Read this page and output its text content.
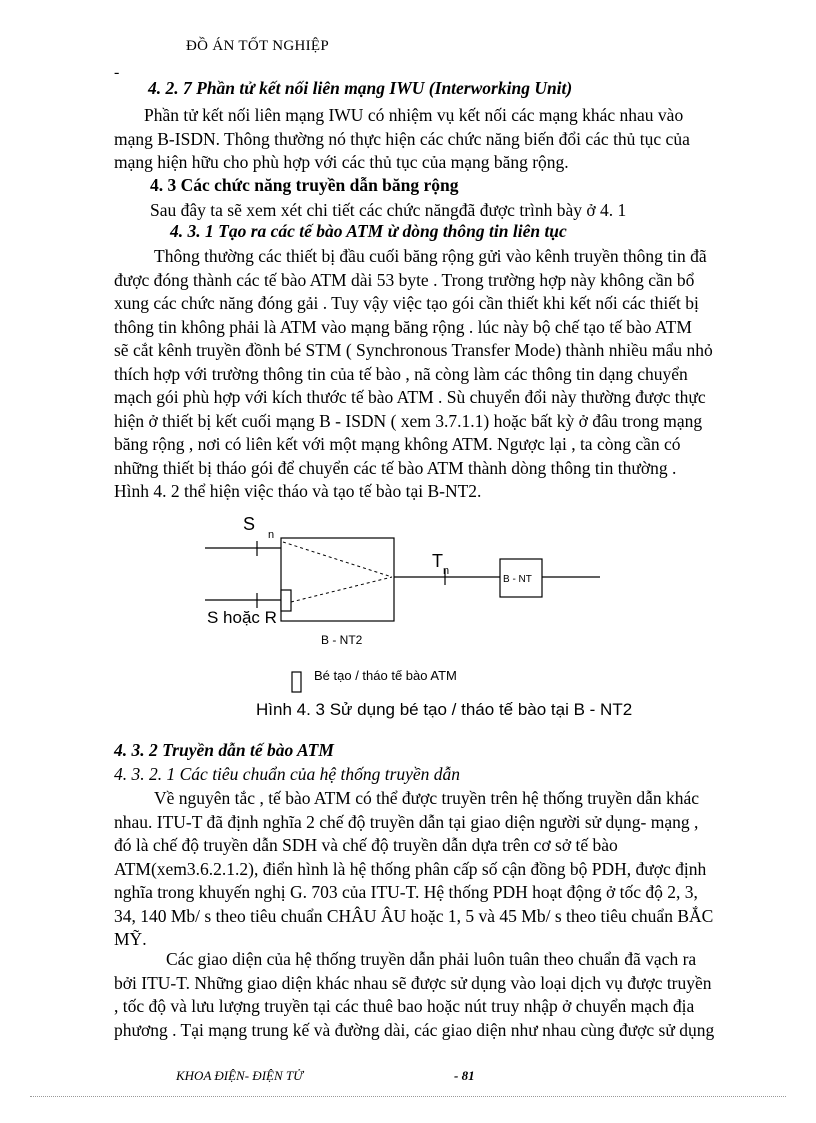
ĐỒ ÁN TỐT NGHIỆP
-
4. 2. 7 Phần tử kết nối liên mạng IWU (Interworking Unit)
Phần tử kết nối liên mạng IWU có nhiệm vụ kết nối các mạng khác nhau vào
mạng B-ISDN. Thông thường nó thực hiện các chức năng biến đổi các thủ tục của
mạng hiện hữu cho phù hợp với các thủ tục của mạng băng rộng.
4. 3 Các chức năng truyền dẫn băng rộng
Sau đây ta sẽ xem xét chi tiết các chức năngđã được trình bày ở 4. 1
4. 3. 1 Tạo ra các tế bào ATM ừ dòng thông tin liên tục
Thông thường các thiết bị đầu cuối băng rộng gửi vào kênh truyền thông tin đã
được đóng thành các tế bào ATM dài 53 byte . Trong trường hợp này không cần bổ
xung các chức năng đóng gải . Tuy vậy việc tạo gói cần thiết khi kết nối các thiết bị
thông tin không phải là ATM vào mạng băng rộng . lúc này bộ chế tạo tế bào ATM
sẽ cắt kênh truyền đồnh bé STM ( Synchronous Transfer Mode) thành nhiều mẩu nhỏ
thích hợp với trường thông tin của tế bào , nã còng làm các thông tin dạng chuyển
mạch gói phù hợp với kích thước tế bào ATM . Sù chuyển đổi này thường được thực
hiện ở thiết bị kết cuối mạng B - ISDN ( xem 3.7.1.1) hoặc bất kỳ ở đâu trong mạng
băng rộng , nơi có liên kết với một mạng không ATM. Ngược lại , ta còng cần có
những thiết bị tháo gói để chuyển các tế bào ATM thành dòng thông tin thường .
Hình 4. 2 thể hiện việc tháo và tạo tế bào tại B-NT2.
S
n
T n
B - NT
S hoặc R
B - NT2
Bé tạo / tháo tế bào ATM
Hình 4. 3 Sử dụng bé tạo / tháo tế bào tại B - NT2
4. 3. 2 Truyền dẫn tế bào ATM
4. 3. 2. 1 Các tiêu chuẩn của hệ thống truyền dẫn
Về nguyên tắc , tế bào ATM có thể được truyền trên hệ thống truyền dẫn khác
nhau. ITU-T đã định nghĩa 2 chế độ truyền dẫn tại giao diện người sử dụng- mạng ,
đó là chế độ truyền dẫn SDH và chế độ truyền dẫn dựa trên cơ sở tế bào
ATM(xem3.6.2.1.2), điển hình là hệ thống phân cấp số cận đồng bộ PDH, được định
nghĩa trong khuyến nghị G. 703 của ITU-T. Hệ thống PDH hoạt động ở tốc độ 2, 3,
34, 140 Mb/ s theo tiêu chuẩn CHÂU ÂU hoặc 1, 5 và 45 Mb/ s theo tiêu chuẩn BẮC
MỸ.
Các giao diện của hệ thống truyền dẫn phải luôn tuân theo chuẩn đã vạch ra
bởi ITU-T. Những giao diện khác nhau sẽ được sử dụng vào loại dịch vụ được truyền
, tốc độ và lưu lượng truyền tại các thuê bao hoặc nút truy nhập ở chuyển mạch địa
phương . Tại mạng trung kế và đường dài, các giao diện như nhau cùng được sử dụng
KHOA ĐIỆN- ĐIỆN TỬ	- 81
